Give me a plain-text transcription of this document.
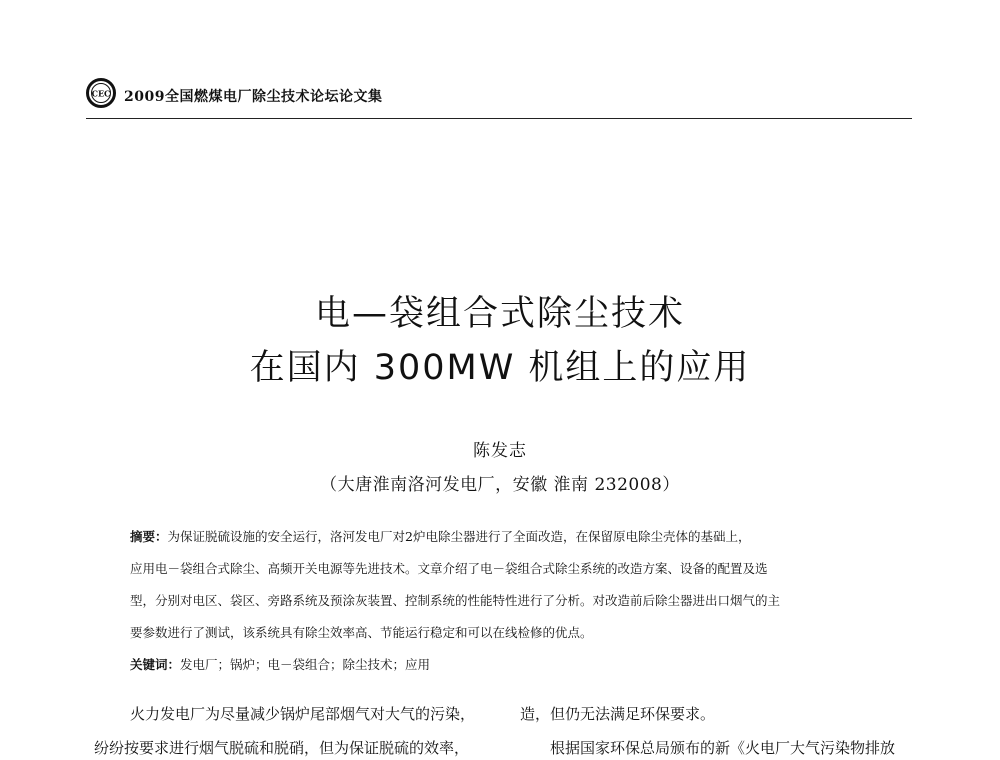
CEC 2009全国燃煤电厂除尘技术论坛论文集
电—袋组合式除尘技术
在国内 300MW 机组上的应用
陈发志
（大唐淮南洛河发电厂，安徽 淮南 232008）
摘要：为保证脱硫设施的安全运行，洛河发电厂对2炉电除尘器进行了全面改造，在保留原电除尘壳体的基础上，
应用电－袋组合式除尘、高频开关电源等先进技术。文章介绍了电－袋组合式除尘系统的改造方案、设备的配置及选
型，分别对电区、袋区、旁路系统及预涂灰装置、控制系统的性能特性进行了分析。对改造前后除尘器进出口烟气的主
要参数进行了测试，该系统具有除尘效率高、节能运行稳定和可以在线检修的优点。
关键词：发电厂；锅炉；电－袋组合；除尘技术；应用
火力发电厂为尽量减少锅炉尾部烟气对大气的污染，
纷纷按要求进行烟气脱硫和脱硝，但为保证脱硫的效率，
造，但仍无法满足环保要求。
根据国家环保总局颁布的新《火电厂大气污染物排放
